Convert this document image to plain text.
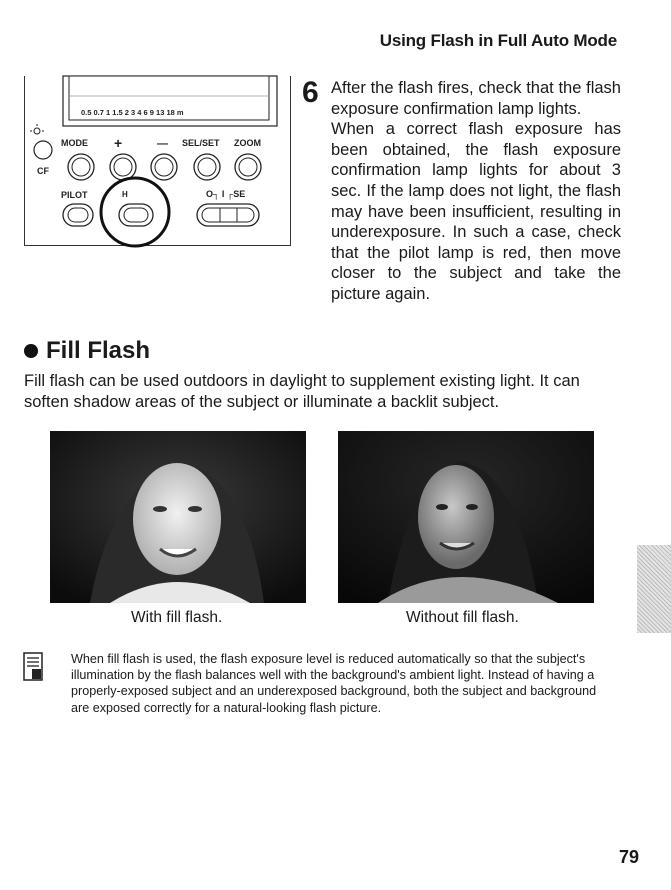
Using Flash in Full Auto Mode
0.5 0.7 1 1.5 2 3 4 6 9 13 18 m
MODE +	— SEL/SET ZOOM
CF
PILOT	H	O┐ I ┌SE
6 After the flash fires, check that the flash exposure confirmation lamp lights.

When a correct flash exposure has been obtained, the flash exposure confirmation lamp lights for about 3 sec. If the lamp does not light, the flash may have been insufficient, resulting in underexposure. In such a case, check that the pilot lamp is red, then move closer to the subject and take the picture again.

Fill Flash
Fill flash can be used outdoors in daylight to supplement existing light. It can soften shadow areas of the subject or illuminate a backlit subject.
With fill flash.	Without fill flash.
When fill flash is used, the flash exposure level is reduced automatically so that the subject's illumination by the flash balances well with the background's ambient light. Instead of having a properly-exposed subject and an underexposed background, both the subject and background are exposed correctly for a natural-looking flash picture.
79
